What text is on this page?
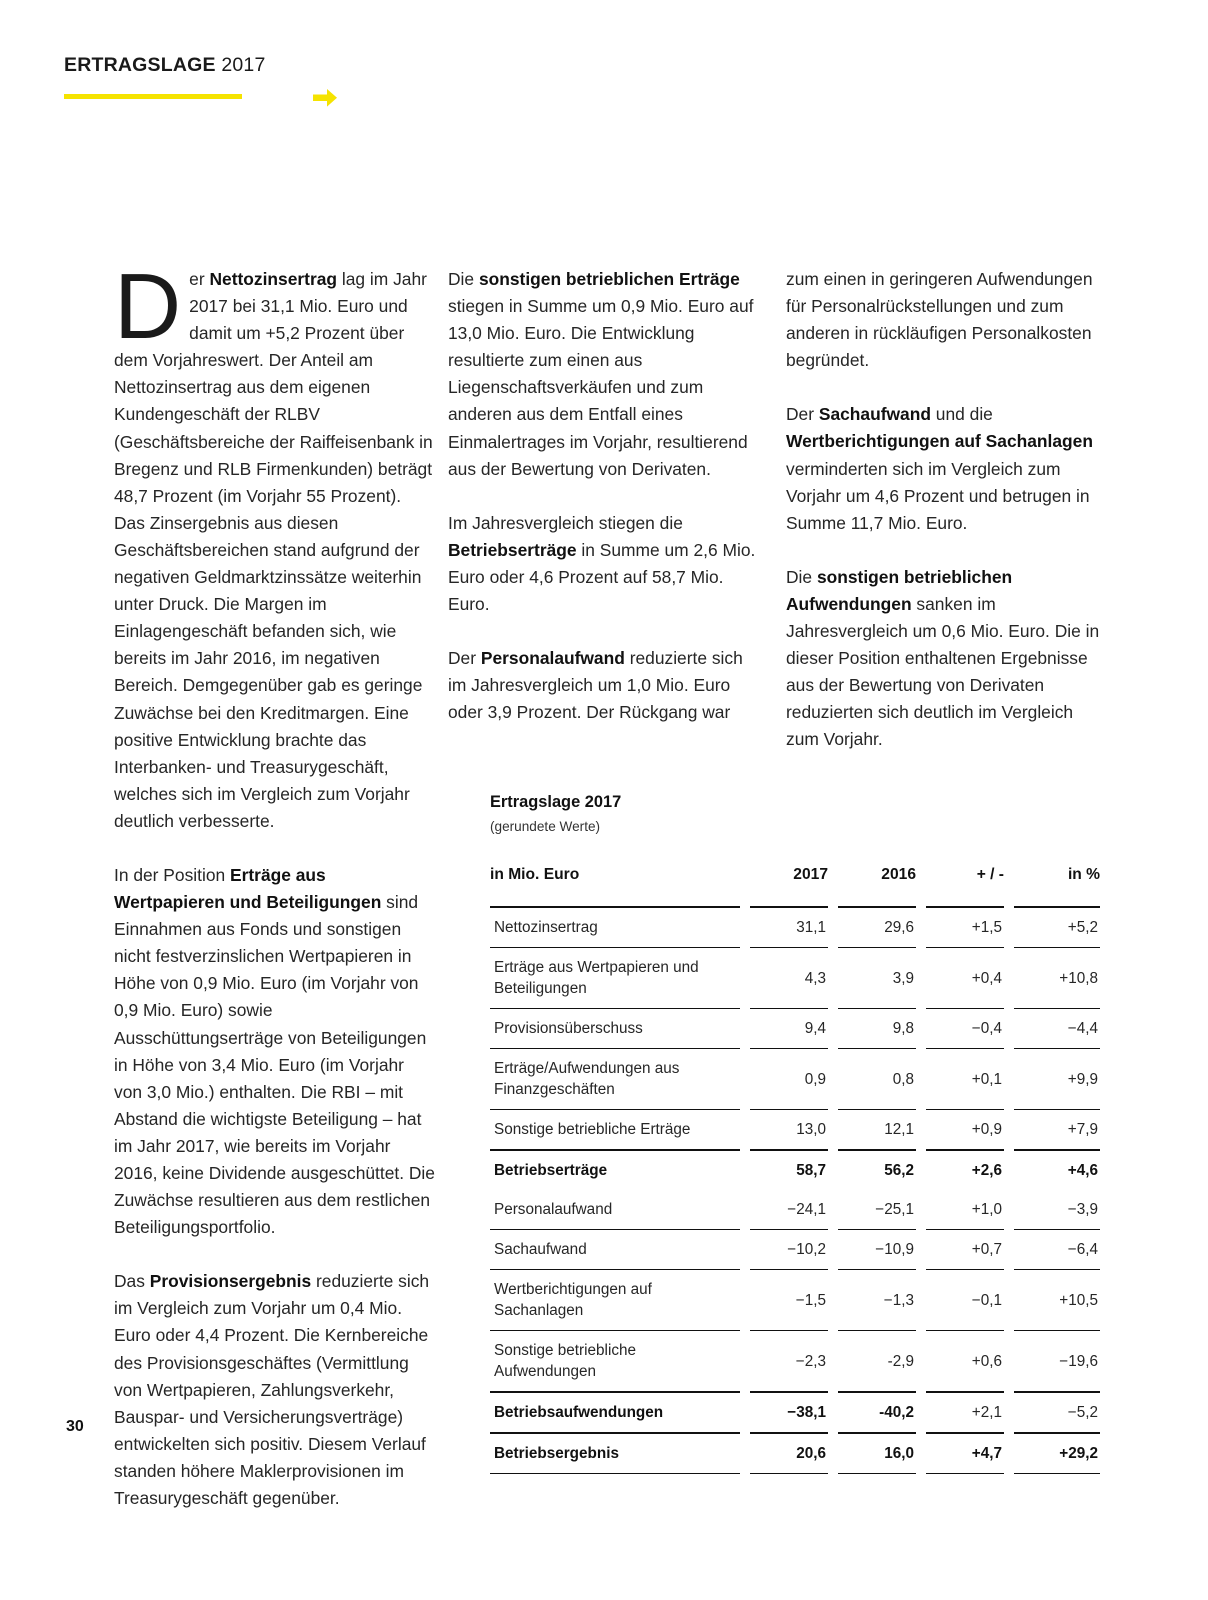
ERTRAGSLAGE 2017

Der Nettozinsertrag lag im Jahr 2017 bei 31,1 Mio. Euro und damit um +5,2 Prozent über dem Vorjahreswert. Der Anteil am Nettozinsertrag aus dem eigenen Kundengeschäft der RLBV (Geschäftsbereiche der Raiffeisenbank in Bregenz und RLB Firmenkunden) beträgt 48,7 Prozent (im Vorjahr 55 Prozent). Das Zinsergebnis aus diesen Geschäftsbereichen stand aufgrund der negativen Geldmarktzinssätze weiterhin unter Druck. Die Margen im Einlagengeschäft befanden sich, wie bereits im Jahr 2016, im negativen Bereich. Demgegenüber gab es geringe Zuwächse bei den Kreditmargen. Eine positive Entwicklung brachte das Interbanken- und Treasurygeschäft, welches sich im Vergleich zum Vorjahr deutlich verbesserte.

In der Position Erträge aus Wertpapieren und Beteiligungen sind Einnahmen aus Fonds und sonstigen nicht festverzinslichen Wertpapieren in Höhe von 0,9 Mio. Euro (im Vorjahr von 0,9 Mio. Euro) sowie Ausschüttungserträge von Beteiligungen in Höhe von 3,4 Mio. Euro (im Vorjahr von 3,0 Mio.) enthalten. Die RBI – mit Abstand die wichtigste Beteiligung – hat im Jahr 2017, wie bereits im Vorjahr 2016, keine Dividende ausgeschüttet. Die Zuwächse resultieren aus dem restlichen Beteiligungsportfolio.

Das Provisionsergebnis reduzierte sich im Vergleich zum Vorjahr um 0,4 Mio. Euro oder 4,4 Prozent. Die Kernbereiche des Provisionsgeschäftes (Vermittlung von Wertpapieren, Zahlungsverkehr, Bauspar- und Versicherungsverträge) entwickelten sich positiv. Diesem Verlauf standen höhere Maklerprovisionen im Treasurygeschäft gegenüber.

Die sonstigen betrieblichen Erträge stiegen in Summe um 0,9 Mio. Euro auf 13,0 Mio. Euro. Die Entwicklung resultierte zum einen aus Liegenschaftsverkäufen und zum anderen aus dem Entfall eines Einmalertrages im Vorjahr, resultierend aus der Bewertung von Derivaten.

Im Jahresvergleich stiegen die Betriebserträge in Summe um 2,6 Mio. Euro oder 4,6 Prozent auf 58,7 Mio. Euro.

Der Personalaufwand reduzierte sich im Jahresvergleich um 1,0 Mio. Euro oder 3,9 Prozent. Der Rückgang war

zum einen in geringeren Aufwendungen für Personalrückstellungen und zum anderen in rückläufigen Personalkosten begründet.

Der Sachaufwand und die Wertberichtigungen auf Sachanlagen verminderten sich im Vergleich zum Vorjahr um 4,6 Prozent und betrugen in Summe 11,7 Mio. Euro.

Die sonstigen betrieblichen Aufwendungen sanken im Jahresvergleich um 0,6 Mio. Euro. Die in dieser Position enthaltenen Ergebnisse aus der Bewertung von Derivaten reduzierten sich deutlich im Vergleich zum Vorjahr.

30
Ertragslage 2017
(gerundete Werte)
in Mio. Euro		2017		2016		+ / -		in %
Nettozinsertrag		31,1		29,6		+1,5		+5,2
Erträge aus Wertpapieren und Beteiligungen		4,3		3,9		+0,4		+10,8
Provisionsüberschuss		9,4		9,8		−0,4		−4,4
Erträge/Aufwendungen aus Finanzgeschäften		0,9		0,8		+0,1		+9,9
Sonstige betriebliche Erträge		13,0		12,1		+0,9		+7,9
Betriebserträge		58,7		56,2		+2,6		+4,6
Personalaufwand		−24,1		−25,1		+1,0		−3,9
Sachaufwand		−10,2		−10,9		+0,7		−6,4
Wertberichtigungen auf Sachanlagen		−1,5		−1,3		−0,1		+10,5
Sonstige betriebliche Aufwendungen		−2,3		-2,9		+0,6		−19,6
Betriebsaufwendungen		−38,1		-40,2		+2,1		−5,2
Betriebsergebnis		20,6		16,0		+4,7		+29,2
